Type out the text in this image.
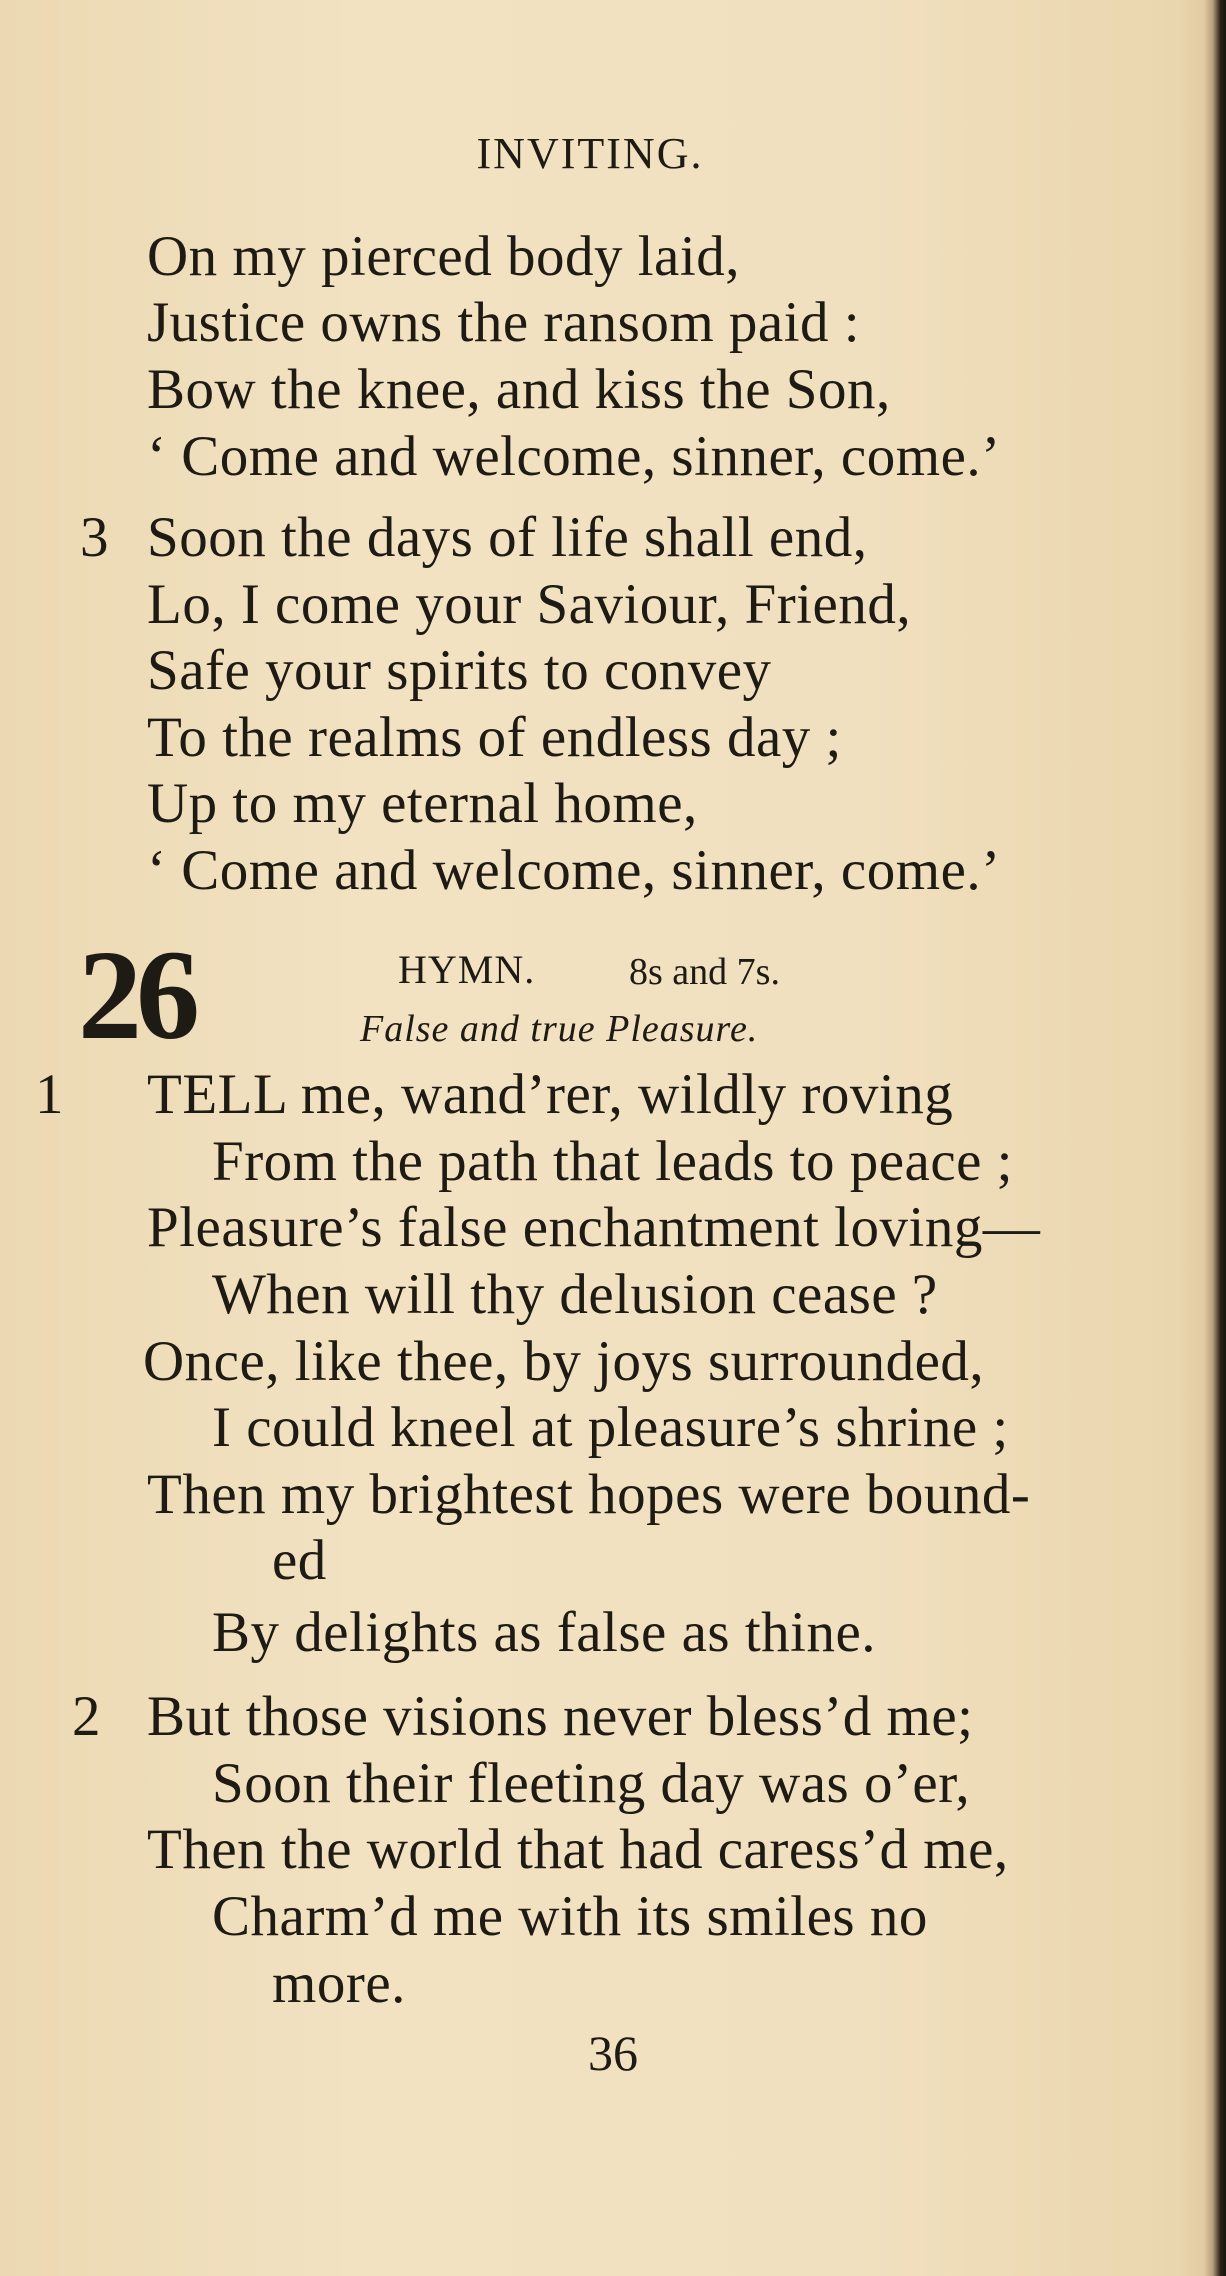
INVITING.
On my pierced body laid,
Justice owns the ransom paid :
Bow the knee, and kiss the Son,
‘ Come and welcome, sinner, come.’
3 Soon the days of life shall end,
Lo, I come your Saviour, Friend,
Safe your spirits to convey
To the realms of endless day ;
Up to my eternal home,
‘ Come and welcome, sinner, come.’
26	HYMN. 8s and 7s.
False and true Pleasure.
1 TELL me, wand’rer, wildly roving
From the path that leads to peace ;
Pleasure’s false enchantment loving—
When will thy delusion cease ?
Once, like thee, by joys surrounded,
I could kneel at pleasure’s shrine ;
Then my brightest hopes were bound-
ed
By delights as false as thine.
2 But those visions never bless’d me;
Soon their fleeting day was o’er,
Then the world that had caress’d me,
Charm’d me with its smiles no
more.
36
